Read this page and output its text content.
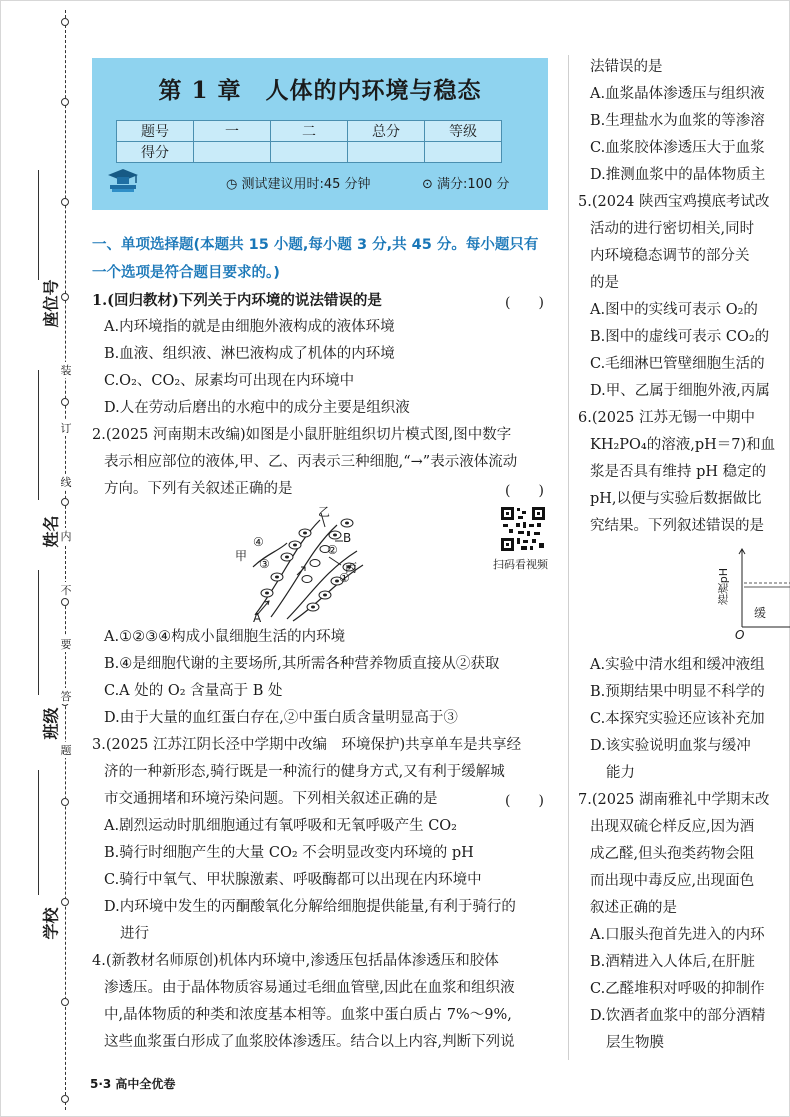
装
订
线
内
不
要
答
题
座位号
姓名
班级
学校
第 1 章　人体的内环境与稳态
题号	一	二	总分	等级
得分				
◷ 测试建议用时:45 分钟	⊙ 满分:100 分
一、单项选择题(本题共 15 小题,每小题 3 分,共 45 分。每小题只有
一个选项是符合题目要求的。)
1.(回归教材)下列关于内环境的说法错误的是	(　　)
A.内环境指的就是由细胞外液构成的液体环境
B.血液、组织液、淋巴液构成了机体的内环境
C.O₂、CO₂、尿素均可出现在内环境中
D.人在劳动后磨出的水疱中的成分主要是组织液
2.(2025 河南期末改编)如图是小鼠肝脏组织切片模式图,图中数字
表示相应部位的液体,甲、乙、丙表示三种细胞,“→”表示液体流动
方向。下列有关叙述正确的是	(　　)
扫码看视频
乙
B
甲
④
③
②
丙
①
A
A.①②③④构成小鼠细胞生活的内环境
B.④是细胞代谢的主要场所,其所需各种营养物质直接从②获取
C.A 处的 O₂ 含量高于 B 处
D.由于大量的血红蛋白存在,②中蛋白质含量明显高于③
3.(2025 江苏江阴长泾中学期中改编　环境保护)共享单车是共享经
济的一种新形态,骑行既是一种流行的健身方式,又有利于缓解城
市交通拥堵和环境污染问题。下列相关叙述正确的是	(　　)
A.剧烈运动时肌细胞通过有氧呼吸和无氧呼吸产生 CO₂
B.骑行时细胞产生的大量 CO₂ 不会明显改变内环境的 pH
C.骑行中氧气、甲状腺激素、呼吸酶都可以出现在内环境中
D.内环境中发生的丙酮酸氧化分解给细胞提供能量,有利于骑行的
进行
4.(新教材名师原创)机体内环境中,渗透压包括晶体渗透压和胶体
渗透压。由于晶体物质容易通过毛细血管壁,因此在血浆和组织液
中,晶体物质的种类和浓度基本相等。血浆中蛋白质占 7%～9%,
这些血浆蛋白形成了血浆胶体渗透压。结合以上内容,判断下列说
法错误的是
A.血浆晶体渗透压与组织液
B.生理盐水为血浆的等渗溶
C.血浆胶体渗透压大于血浆
D.推测血浆中的晶体物质主
5.(2024 陕西宝鸡摸底考试改
活动的进行密切相关,同时
内环境稳态调节的部分关
的是
A.图中的实线可表示 O₂的
B.图中的虚线可表示 CO₂的
C.毛细淋巴管壁细胞生活的
D.甲、乙属于细胞外液,丙属
6.(2025 江苏无锡一中期中
KH₂PO₄的溶液,pH＝7)和血
浆是否具有维持 pH 稳定的
pH,以便与实验后数据做比
究结果。下列叙述错误的是
A.实验中清水组和缓冲液组
B.预期结果中明显不科学的
C.本探究实验还应该补充加
D.该实验说明血浆与缓冲
能力
7.(2025 湖南雅礼中学期末改
出现双硫仑样反应,因为酒
成乙醛,但头孢类药物会阻
而出现中毒反应,出现面色
叙述正确的是
A.口服头孢首先进入的内环
B.酒精进入人体后,在肝脏
C.乙醛堆积对呼吸的抑制作
D.饮酒者血浆中的部分酒精
层生物膜
溶液pH
缓
O
5·3 高中全优卷
